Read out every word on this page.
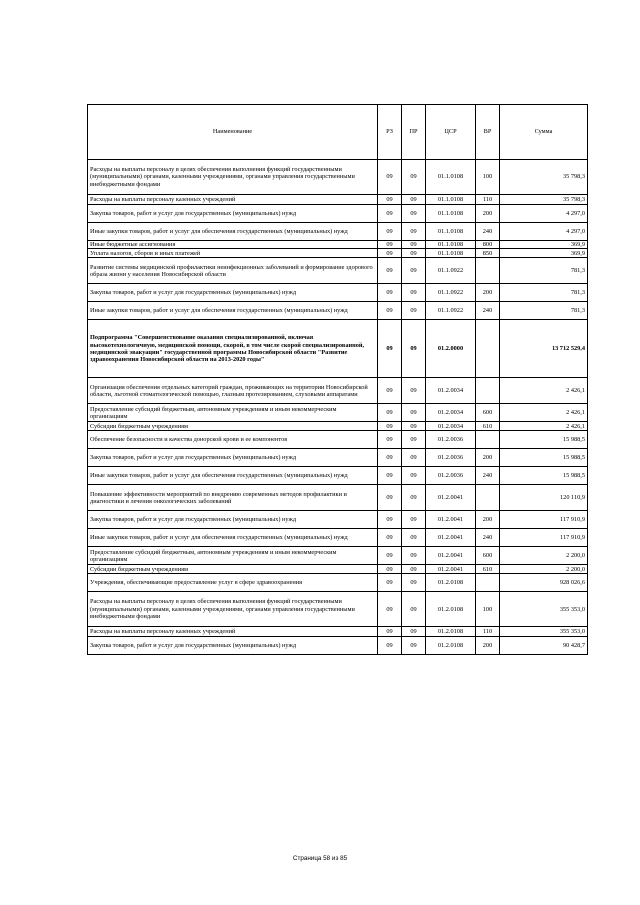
Наименование	РЗ	ПР	ЦСР	ВР	Сумма
Расходы на выплаты персоналу в целях обеспечения выполнения функций государственными (муниципальными) органами, казенными учреждениями, органами управления государственными внебюджетными фондами	09	09	01.1.0108	100	35 798,3
Расходы на выплаты персоналу казенных учреждений	09	09	01.1.0108	110	35 798,3
Закупка товаров, работ и услуг для государственных (муниципальных) нужд	09	09	01.1.0108	200	4 297,0
Иные закупки товаров, работ и услуг для обеспечения государственных (муниципальных) нужд	09	09	01.1.0108	240	4 297,0
Иные бюджетные ассигнования	09	09	01.1.0108	800	369,9
Уплата налогов, сборов и иных платежей	09	09	01.1.0108	850	369,9
Развитие системы медицинской профилактики неинфекционных заболеваний и формирование здорового образа жизни у населения Новосибирской области	09	09	01.1.0922		781,3
Закупка товаров, работ и услуг для государственных (муниципальных) нужд	09	09	01.1.0922	200	781,3
Иные закупки товаров, работ и услуг для обеспечения государственных (муниципальных) нужд	09	09	01.1.0922	240	781,3
Подпрограмма "Совершенствование оказания специализированной, включая высокотехнологичную, медицинской помощи, скорой, в том числе скорой специализированной, медицинской эвакуации" государственной программы Новосибирской области "Развитие здравоохранения Новосибирской области на 2013-2020 годы"	09	09	01.2.0000		13 712 529,4
Организация обеспечения отдельных категорий граждан, проживающих на территории Новосибирской области, льготной стоматологической помощью, глазным протезированием, слуховыми аппаратами	09	09	01.2.0034		2 426,1
Предоставление субсидий бюджетным, автономным учреждениям и иным некоммерческим организациям	09	09	01.2.0034	600	2 426,1
Субсидии бюджетным учреждениям	09	09	01.2.0034	610	2 426,1
Обеспечение безопасности и качества донорской крови и ее компонентов	09	09	01.2.0036		15 988,5
Закупка товаров, работ и услуг для государственных (муниципальных) нужд	09	09	01.2.0036	200	15 988,5
Иные закупки товаров, работ и услуг для обеспечения государственных (муниципальных) нужд	09	09	01.2.0036	240	15 988,5
Повышение эффективности мероприятий по внедрению современных методов профилактики и диагностики и лечения онкологических заболеваний	09	09	01.2.0041		120 110,9
Закупка товаров, работ и услуг для государственных (муниципальных) нужд	09	09	01.2.0041	200	117 910,9
Иные закупки товаров, работ и услуг для обеспечения государственных (муниципальных) нужд	09	09	01.2.0041	240	117 910,9
Предоставление субсидий бюджетным, автономным учреждениям и иным некоммерческим организациям	09	09	01.2.0041	600	2 200,0
Субсидии бюджетным учреждениям	09	09	01.2.0041	610	2 200,0
Учреждения, обеспечивающие предоставление услуг в сфере здравоохранения	09	09	01.2.0108		928 026,6
Расходы на выплаты персоналу в целях обеспечения выполнения функций государственными (муниципальными) органами, казенными учреждениями, органами управления государственными внебюджетными фондами	09	09	01.2.0108	100	355 353,0
Расходы на выплаты персоналу казенных учреждений	09	09	01.2.0108	110	355 353,0
Закупка товаров, работ и услуг для государственных (муниципальных) нужд	09	09	01.2.0108	200	90 428,7
Страница 58 из 85
